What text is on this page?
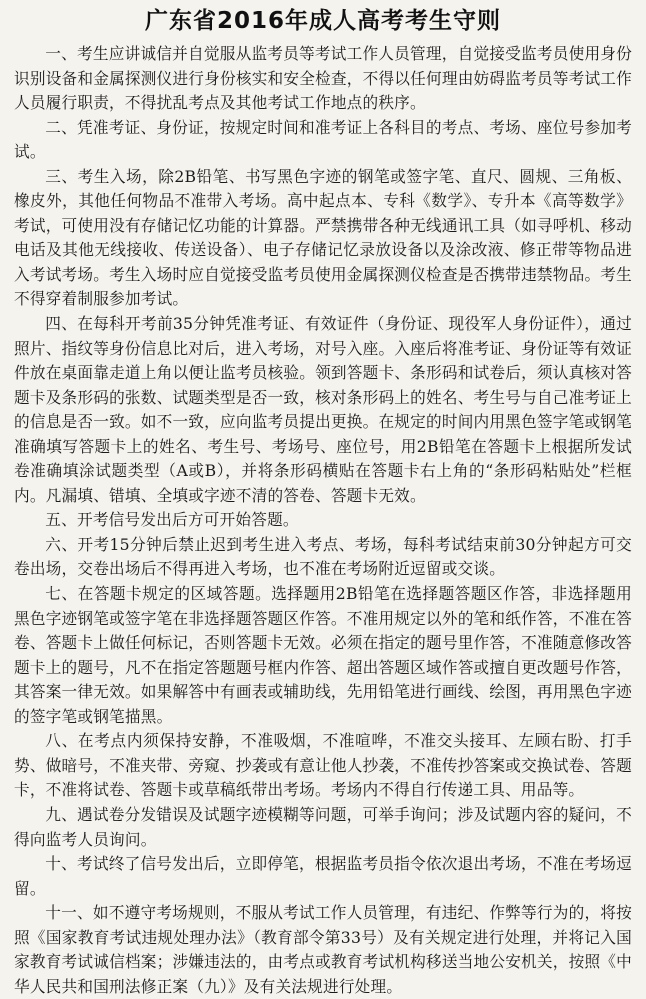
广东省2016年成人高考考生守则

一、考生应讲诚信并自觉服从监考员等考试工作人员管理，自觉接受监考员使用身份识别设备和金属探测仪进行身份核实和安全检查，不得以任何理由妨碍监考员等考试工作人员履行职责，不得扰乱考点及其他考试工作地点的秩序。

二、凭准考证、身份证，按规定时间和准考证上各科目的考点、考场、座位号参加考试。

三、考生入场，除2B铅笔、书写黑色字迹的钢笔或签字笔、直尺、圆规、三角板、橡皮外，其他任何物品不准带入考场。高中起点本、专科《数学》、专升本《高等数学》考试，可使用没有存储记忆功能的计算器。严禁携带各种无线通讯工具（如寻呼机、移动电话及其他无线接收、传送设备）、电子存储记忆录放设备以及涂改液、修正带等物品进入考试考场。考生入场时应自觉接受监考员使用金属探测仪检查是否携带违禁物品。考生不得穿着制服参加考试。

四、在每科开考前35分钟凭准考证、有效证件（身份证、现役军人身份证件），通过照片、指纹等身份信息比对后，进入考场，对号入座。入座后将准考证、身份证等有效证件放在桌面靠走道上角以便让监考员核验。领到答题卡、条形码和试卷后，须认真核对答题卡及条形码的张数、试题类型是否一致，核对条形码上的姓名、考生号与自己准考证上的信息是否一致。如不一致，应向监考员提出更换。在规定的时间内用黑色签字笔或钢笔准确填写答题卡上的姓名、考生号、考场号、座位号，用2B铅笔在答题卡上根据所发试卷准确填涂试题类型（A或B），并将条形码横贴在答题卡右上角的“条形码粘贴处”栏框内。凡漏填、错填、全填或字迹不清的答卷、答题卡无效。

五、开考信号发出后方可开始答题。

六、开考15分钟后禁止迟到考生进入考点、考场，每科考试结束前30分钟起方可交卷出场，交卷出场后不得再进入考场，也不准在考场附近逗留或交谈。

七、在答题卡规定的区域答题。选择题用2B铅笔在选择题答题区作答，非选择题用黑色字迹钢笔或签字笔在非选择题答题区作答。不准用规定以外的笔和纸作答，不准在答卷、答题卡上做任何标记，否则答题卡无效。必须在指定的题号里作答，不准随意修改答题卡上的题号，凡不在指定答题题号框内作答、超出答题区域作答或擅自更改题号作答，其答案一律无效。如果解答中有画表或辅助线，先用铅笔进行画线、绘图，再用黑色字迹的签字笔或钢笔描黑。

八、在考点内须保持安静，不准吸烟，不准喧哗，不准交头接耳、左顾右盼、打手势、做暗号，不准夹带、旁窥、抄袭或有意让他人抄袭，不准传抄答案或交换试卷、答题卡，不准将试卷、答题卡或草稿纸带出考场。考场内不得自行传递工具、用品等。

九、遇试卷分发错误及试题字迹模糊等问题，可举手询问；涉及试题内容的疑问，不得向监考人员询问。

十、考试终了信号发出后，立即停笔，根据监考员指令依次退出考场，不准在考场逗留。

十一、如不遵守考场规则，不服从考试工作人员管理，有违纪、作弊等行为的，将按照《国家教育考试违规处理办法》（教育部令第33号）及有关规定进行处理，并将记入国家教育考试诚信档案；涉嫌违法的，由考点或教育考试机构移送当地公安机关，按照《中华人民共和国刑法修正案（九）》及有关法规进行处理。
